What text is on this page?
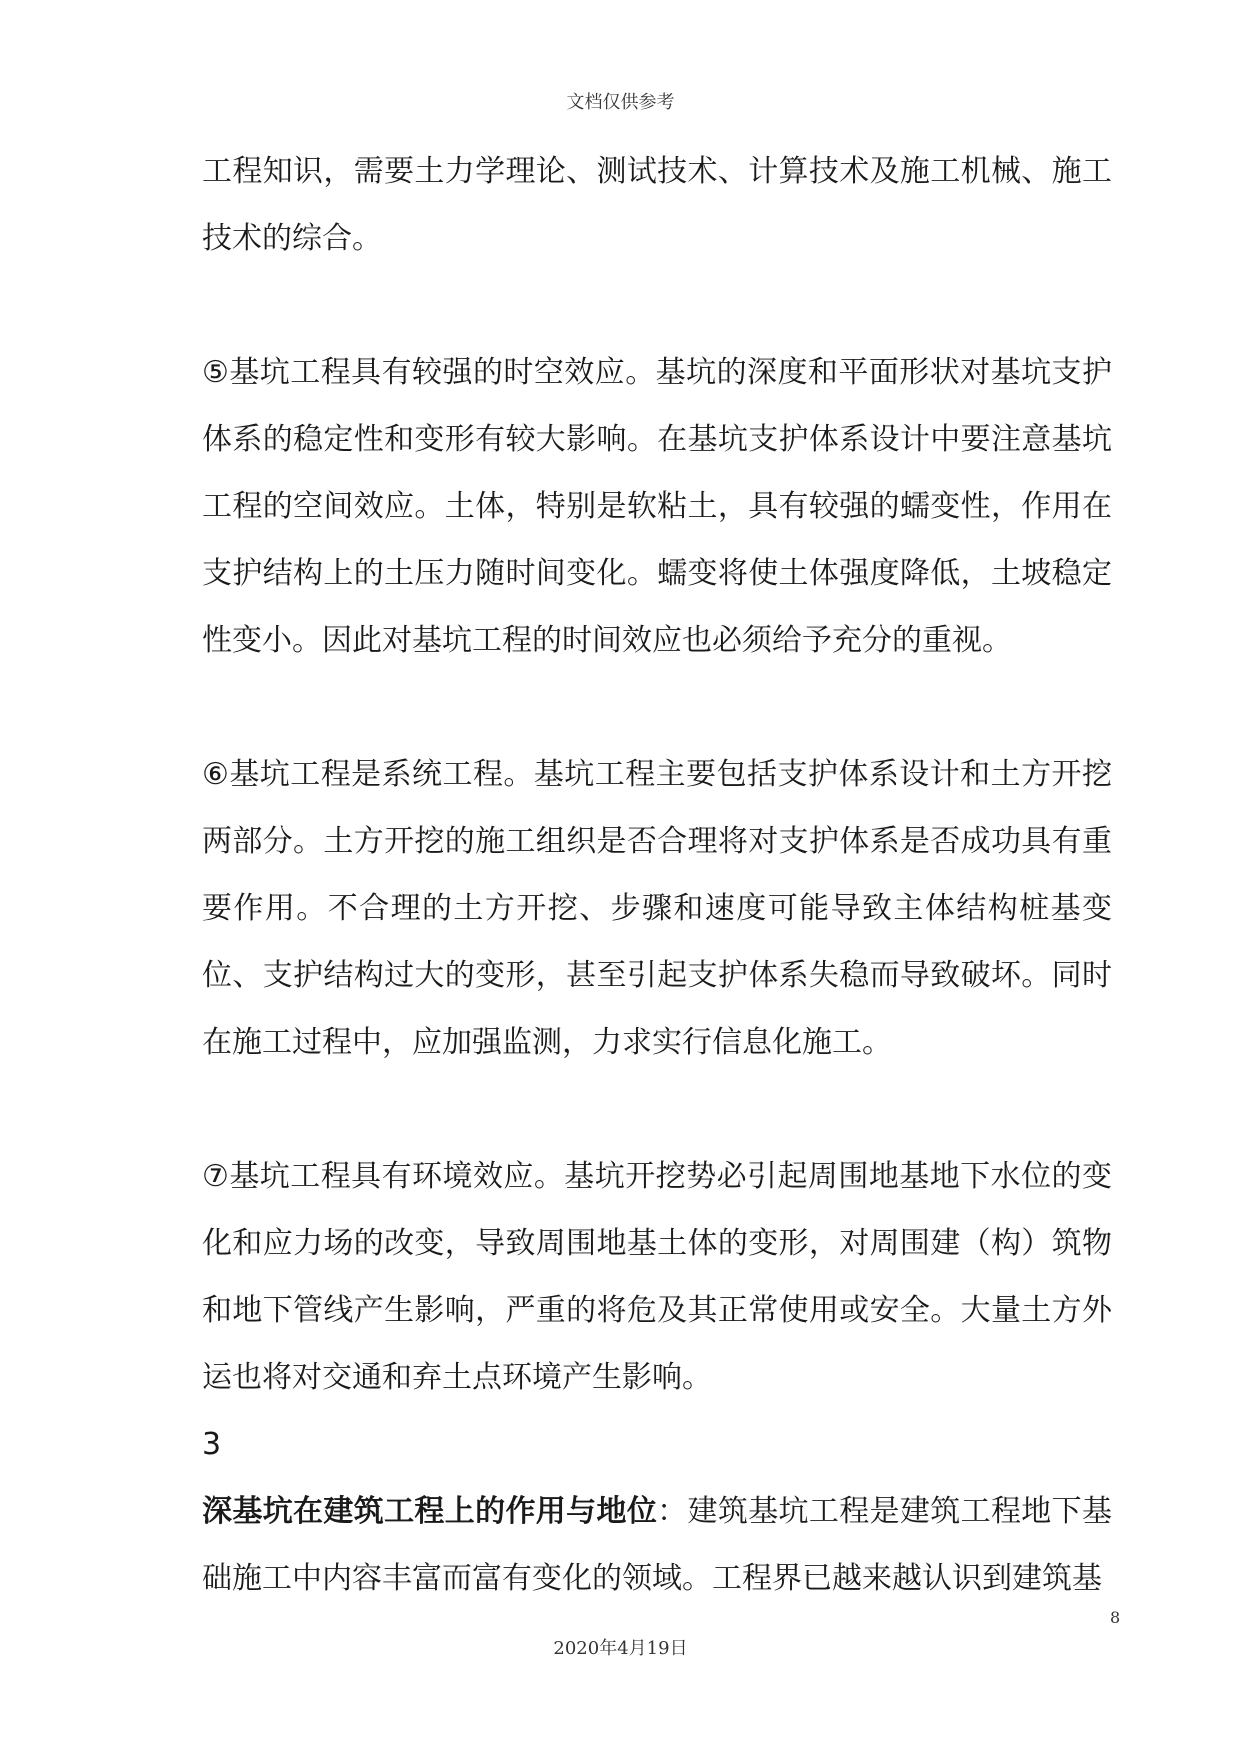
文档仅供参考

工程知识，需要土力学理论、测试技术、计算技术及施工机械、施工技术的综合。

⑤基坑工程具有较强的时空效应。基坑的深度和平面形状对基坑支护体系的稳定性和变形有较大影响。在基坑支护体系设计中要注意基坑工程的空间效应。土体，特别是软粘土，具有较强的蠕变性，作用在支护结构上的土压力随时间变化。蠕变将使土体强度降低，土坡稳定性变小。因此对基坑工程的时间效应也必须给予充分的重视。

⑥基坑工程是系统工程。基坑工程主要包括支护体系设计和土方开挖两部分。土方开挖的施工组织是否合理将对支护体系是否成功具有重要作用。不合理的土方开挖、步骤和速度可能导致主体结构桩基变位、支护结构过大的变形，甚至引起支护体系失稳而导致破坏。同时在施工过程中，应加强监测，力求实行信息化施工。

⑦基坑工程具有环境效应。基坑开挖势必引起周围地基地下水位的变化和应力场的改变，导致周围地基土体的变形，对周围建（构）筑物和地下管线产生影响，严重的将危及其正常使用或安全。大量土方外运也将对交通和弃土点环境产生影响。

3

深基坑在建筑工程上的作用与地位：建筑基坑工程是建筑工程地下基础施工中内容丰富而富有变化的领域。工程界已越来越认识到建筑基

8
2020年4月19日
